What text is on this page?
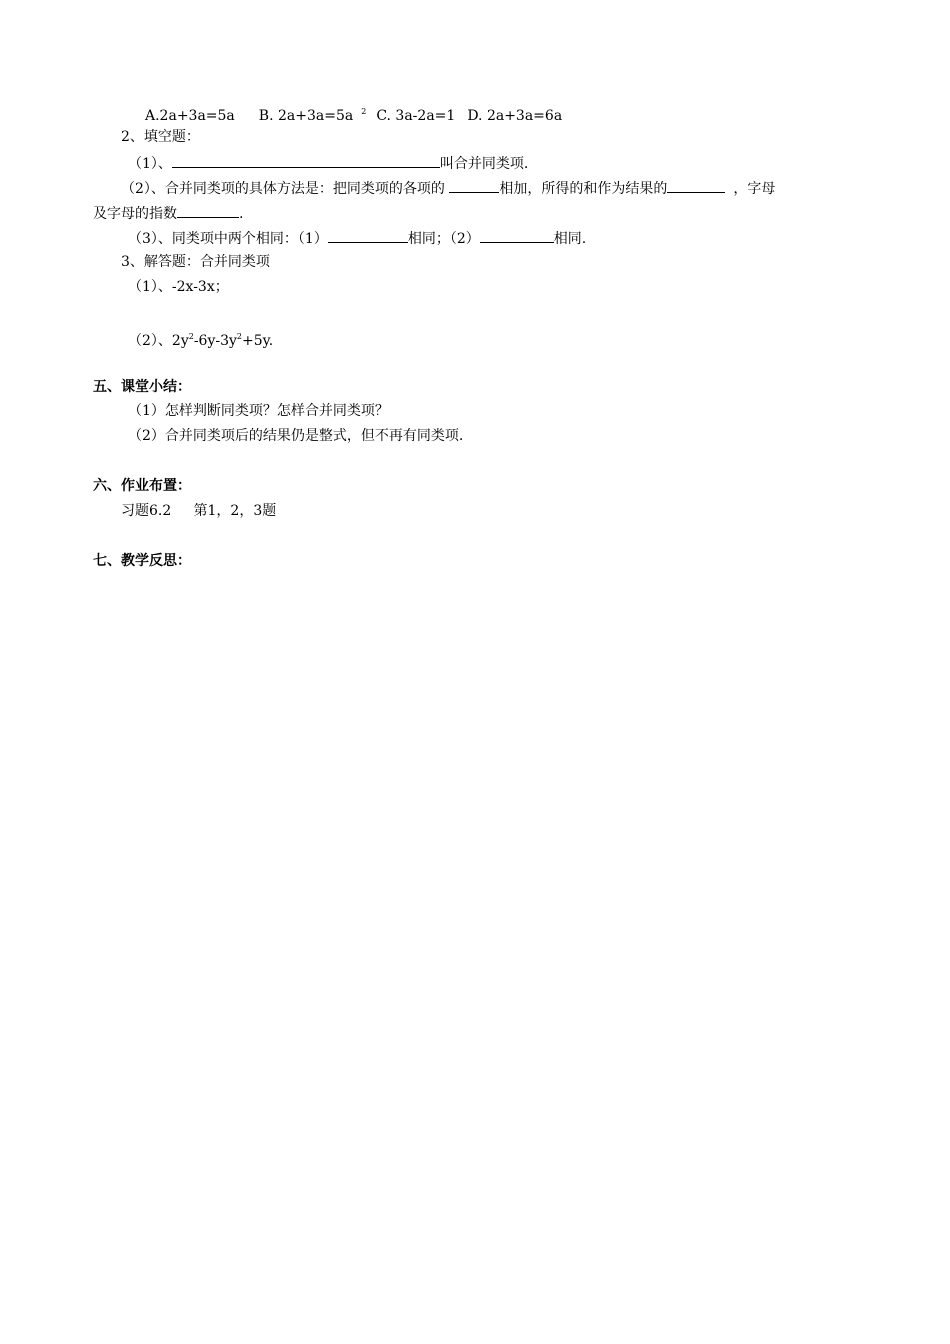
A.2a+3a=5a B. 2a+3a=5a $^2$ C. 3a-2a=1 D. 2a+3a=6a
2、填空题：
（1）、	叫合并同类项.
（2）、合并同类项的具体方法是：把同类项的各项的	相加，所得的和作为结果的	，字母
及字母的指数	.
（3）、同类项中两个相同：（1）	相同；（2）	相同.
3、解答题：合并同类项
（1）、-2x-3x；
（2）、$2y^2-6y-3y^2+5y$.
五、课堂小结：
（1）怎样判断同类项？怎样合并同类项？
（2）合并同类项后的结果仍是整式，但不再有同类项.
六、作业布置：
习题6.2     第1，2，3题
七、教学反思：
